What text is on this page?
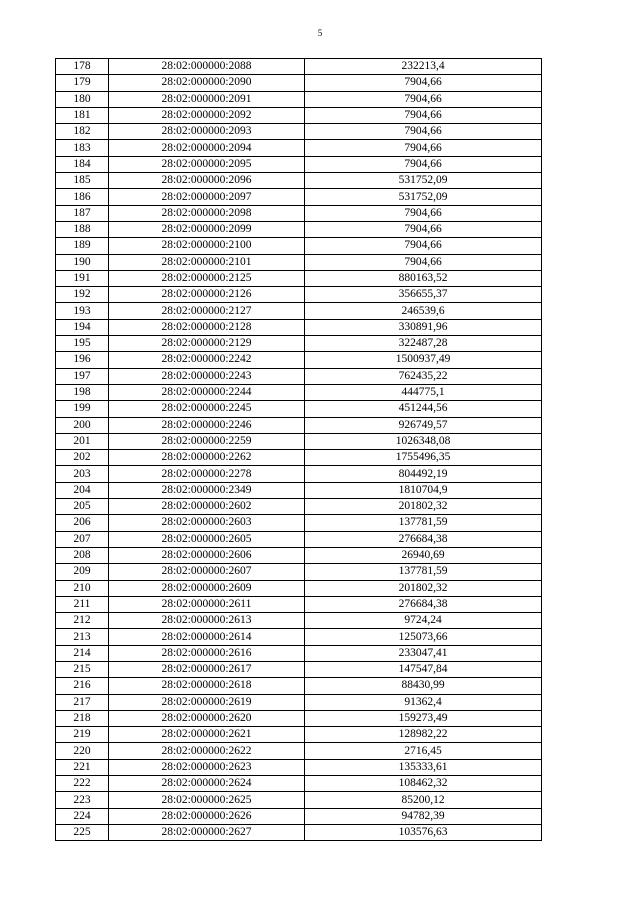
5
178	28:02:000000:2088	232213,4
179	28:02:000000:2090	7904,66
180	28:02:000000:2091	7904,66
181	28:02:000000:2092	7904,66
182	28:02:000000:2093	7904,66
183	28:02:000000:2094	7904,66
184	28:02:000000:2095	7904,66
185	28:02:000000:2096	531752,09
186	28:02:000000:2097	531752,09
187	28:02:000000:2098	7904,66
188	28:02:000000:2099	7904,66
189	28:02:000000:2100	7904,66
190	28:02:000000:2101	7904,66
191	28:02:000000:2125	880163,52
192	28:02:000000:2126	356655,37
193	28:02:000000:2127	246539,6
194	28:02:000000:2128	330891,96
195	28:02:000000:2129	322487,28
196	28:02:000000:2242	1500937,49
197	28:02:000000:2243	762435,22
198	28:02:000000:2244	444775,1
199	28:02:000000:2245	451244,56
200	28:02:000000:2246	926749,57
201	28:02:000000:2259	1026348,08
202	28:02:000000:2262	1755496,35
203	28:02:000000:2278	804492,19
204	28:02:000000:2349	1810704,9
205	28:02:000000:2602	201802,32
206	28:02:000000:2603	137781,59
207	28:02:000000:2605	276684,38
208	28:02:000000:2606	26940,69
209	28:02:000000:2607	137781,59
210	28:02:000000:2609	201802,32
211	28:02:000000:2611	276684,38
212	28:02:000000:2613	9724,24
213	28:02:000000:2614	125073,66
214	28:02:000000:2616	233047,41
215	28:02:000000:2617	147547,84
216	28:02:000000:2618	88430,99
217	28:02:000000:2619	91362,4
218	28:02:000000:2620	159273,49
219	28:02:000000:2621	128982,22
220	28:02:000000:2622	2716,45
221	28:02:000000:2623	135333,61
222	28:02:000000:2624	108462,32
223	28:02:000000:2625	85200,12
224	28:02:000000:2626	94782,39
225	28:02:000000:2627	103576,63
